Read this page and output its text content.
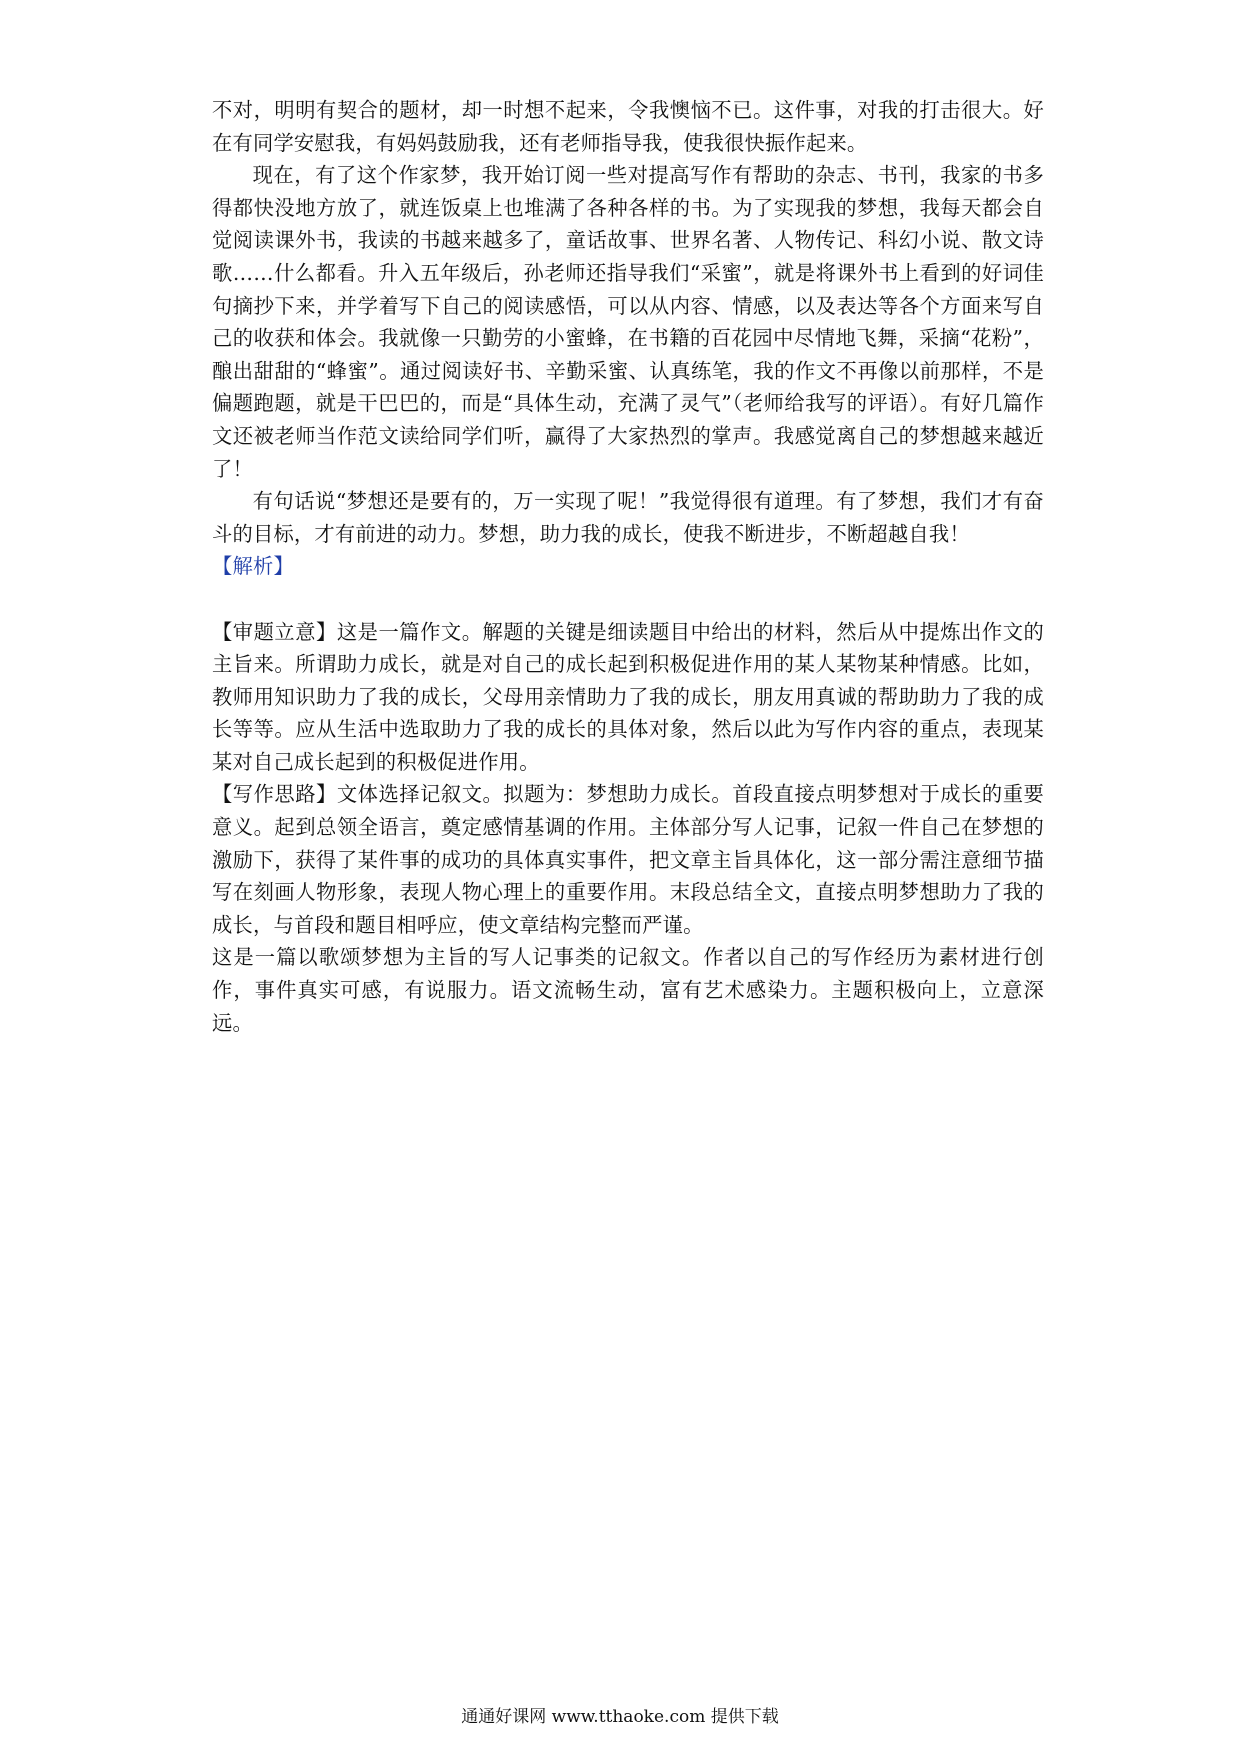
不对，明明有契合的题材，却一时想不起来，令我懊恼不已。这件事，对我的打击很大。好在有同学安慰我，有妈妈鼓励我，还有老师指导我，使我很快振作起来。

现在，有了这个作家梦，我开始订阅一些对提高写作有帮助的杂志、书刊，我家的书多得都快没地方放了，就连饭桌上也堆满了各种各样的书。为了实现我的梦想，我每天都会自觉阅读课外书，我读的书越来越多了，童话故事、世界名著、人物传记、科幻小说、散文诗歌……什么都看。升入五年级后，孙老师还指导我们“采蜜”，就是将课外书上看到的好词佳句摘抄下来，并学着写下自己的阅读感悟，可以从内容、情感，以及表达等各个方面来写自己的收获和体会。我就像一只勤劳的小蜜蜂，在书籍的百花园中尽情地飞舞，采摘“花粉”，酿出甜甜的“蜂蜜”。通过阅读好书、辛勤采蜜、认真练笔，我的作文不再像以前那样，不是偏题跑题，就是干巴巴的，而是“具体生动，充满了灵气”（老师给我写的评语）。有好几篇作文还被老师当作范文读给同学们听，赢得了大家热烈的掌声。我感觉离自己的梦想越来越近了！

有句话说“梦想还是要有的，万一实现了呢！”我觉得很有道理。有了梦想，我们才有奋斗的目标，才有前进的动力。梦想，助力我的成长，使我不断进步，不断超越自我！

【解析】

【审题立意】这是一篇作文。解题的关键是细读题目中给出的材料，然后从中提炼出作文的主旨来。所谓助力成长，就是对自己的成长起到积极促进作用的某人某物某种情感。比如，教师用知识助力了我的成长，父母用亲情助力了我的成长，朋友用真诚的帮助助力了我的成长等等。应从生活中选取助力了我的成长的具体对象，然后以此为写作内容的重点，表现某某对自己成长起到的积极促进作用。

【写作思路】文体选择记叙文。拟题为：梦想助力成长。首段直接点明梦想对于成长的重要意义。起到总领全语言，奠定感情基调的作用。主体部分写人记事，记叙一件自己在梦想的激励下，获得了某件事的成功的具体真实事件，把文章主旨具体化，这一部分需注意细节描写在刻画人物形象，表现人物心理上的重要作用。末段总结全文，直接点明梦想助力了我的成长，与首段和题目相呼应，使文章结构完整而严谨。

这是一篇以歌颂梦想为主旨的写人记事类的记叙文。作者以自己的写作经历为素材进行创作，事件真实可感，有说服力。语文流畅生动，富有艺术感染力。主题积极向上，立意深远。

通通好课网 www.tthaoke.com 提供下载
